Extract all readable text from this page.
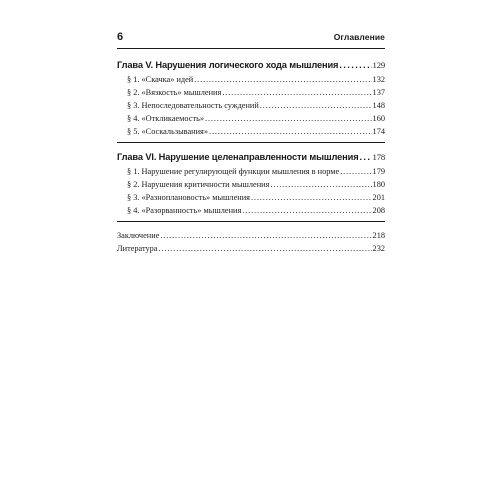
6	Оглавление
Глава V. Нарушения логического хода мышления . . .	129
§ 1. «Скачка» идей . . .	132
§ 2. «Вязкость» мышления . . .	137
§ 3. Непоследовательность суждений . . .	148
§ 4. «Откликаемость» . . .	160
§ 5. «Соскальзывания» . . .	174
Глава VI. Нарушение целенаправленности мышления . . . 178
§ 1. Нарушение регулирующей функции мышления в норме . . .	179
§ 2. Нарушения критичности мышления . . .	180
§ 3. «Разноплановость» мышления . . .	201
§ 4. «Разорванность» мышления . . .	208
Заключение . . .	218
Литература . . .	232
